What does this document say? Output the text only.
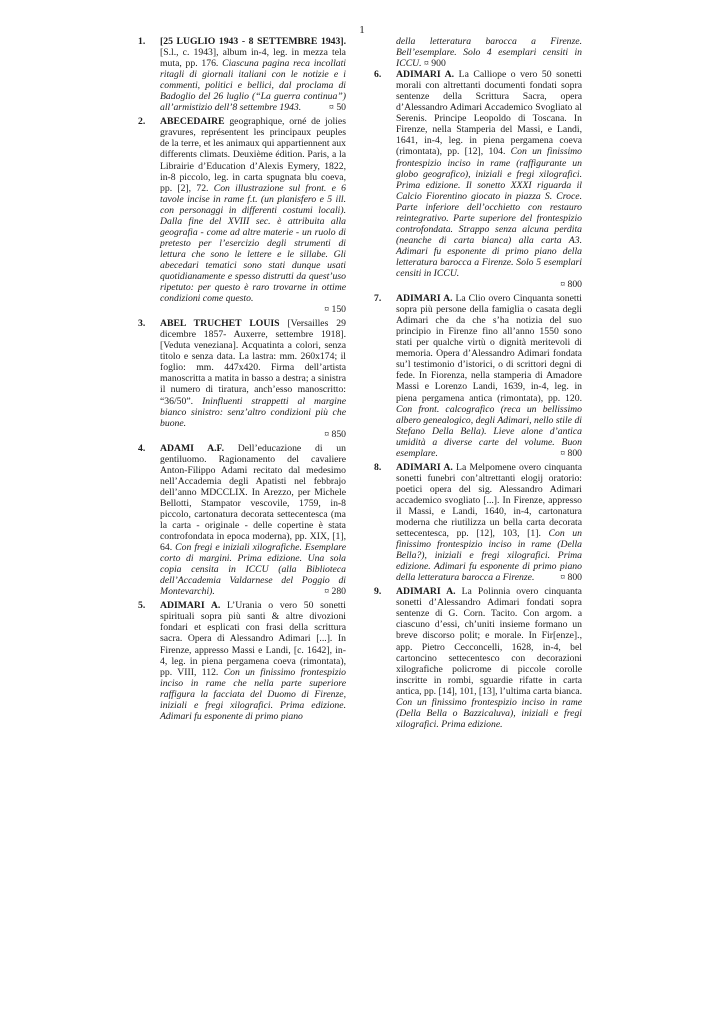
1
1. [25 LUGLIO 1943 - 8 SETTEMBRE 1943]. [S.l., c. 1943], album in-4, leg. in mezza tela muta, pp. 176. Ciascuna pagina reca incollati ritagli di giornali italiani con le notizie e i commenti, politici e bellici, dal proclama di Badoglio del 26 luglio (“La guerra continua”) all’armistizio dell’8 settembre 1943.	¤ 50
2. ABECEDAIRE geographique, orné de jolies gravures, représentent les principaux peuples de la terre, et les animaux qui appartiennent aux differents climats. Deuxième édition. Paris, a la Librairie d’Education d’Alexis Eymery, 1822, in-8 piccolo, leg. in carta spugnata blu coeva, pp. [2], 72. Con illustrazione sul front. e 6 tavole incise in rame f.t. (un planisfero e 5 ill. con personaggi in differenti costumi locali). Dalla fine del XVIII sec. è attribuita alla geografia - come ad altre materie - un ruolo di pretesto per l’esercizio degli strumenti di lettura che sono le lettere e le sillabe. Gli abecedari tematici sono stati dunque usati quotidianamente e spesso distrutti da quest’uso ripetuto: per questo è raro trovarne in ottime condizioni come questo.
¤ 150
3. ABEL TRUCHET LOUIS [Versailles 29 dicembre 1857- Auxerre, settembre 1918]. [Veduta veneziana]. Acquatinta a colori, senza titolo e senza data. La lastra: mm. 260x174; il foglio: mm. 447x420. Firma dell’artista manoscritta a matita in basso a destra; a sinistra il numero di tiratura, anch’esso manoscritto: “36/50”. Ininfluenti strappetti al margine bianco sinistro: senz’altro condizioni più che buone.
¤ 850
4. ADAMI A.F. Dell’educazione di un gentiluomo. Ragionamento del cavaliere Anton-Filippo Adami recitato dal medesimo nell’Accademia degli Apatisti nel febbrajo dell’anno MDCCLIX. In Arezzo, per Michele Bellotti, Stampator vescovile, 1759, in-8 piccolo, cartonatura decorata settecentesca (ma la carta - originale - delle copertine è stata controfondata in epoca moderna), pp. XIX, [1], 64. Con fregi e iniziali xilografiche. Esemplare corto di margini. Prima edizione. Una sola copia censita in ICCU (alla Biblioteca dell’Accademia Valdarnese del Poggio di Montevarchi).	¤ 280
5. ADIMARI A. L’Urania o vero 50 sonetti spirituali sopra più santi & altre divozioni fondari et esplicati con frasi della scrittura sacra. Opera di Alessandro Adimari [...]. In Firenze, appresso Massi e Landi, [c. 1642], in-4, leg. in piena pergamena coeva (rimontata), pp. VIII, 112. Con un finissimo frontespizio inciso in rame che nella parte superiore raffigura la facciata del Duomo di Firenze, iniziali e fregi xilografici. Prima edizione. Adimari fu esponente di primo piano
della letteratura barocca a Firenze. Bell’esemplare. Solo 4 esemplari censiti in ICCU. ¤ 900
6. ADIMARI A. La Calliope o vero 50 sonetti morali con altrettanti documenti fondati sopra sentenze della Scrittura Sacra, opera d’Alessandro Adimari Accademico Svogliato al Serenis. Principe Leopoldo di Toscana. In Firenze, nella Stamperia del Massi, e Landi, 1641, in-4, leg. in piena pergamena coeva (rimontata), pp. [12], 104. Con un finissimo frontespizio inciso in rame (raffigurante un globo geografico), iniziali e fregi xilografici. Prima edizione. Il sonetto XXXI riguarda il Calcio Fiorentino giocato in piazza S. Croce. Parte inferiore dell’occhietto con restauro reintegrativo. Parte superiore del frontespizio controfondata. Strappo senza alcuna perdita (neanche di carta bianca) alla carta A3. Adimari fu esponente di primo piano della letteratura barocca a Firenze. Solo 5 esemplari censiti in ICCU.
¤ 800
7. ADIMARI A. La Clio overo Cinquanta sonetti sopra più persone della famiglia o casata degli Adimari che da che s’ha notizia del suo principio in Firenze fino all’anno 1550 sono stati per qualche virtù o dignità meritevoli di memoria. Opera d’Alessandro Adimari fondata su’l testimonio d’istorici, o di scrittori degni di fede. In Fiorenza, nella stamperia di Amadore Massi e Lorenzo Landi, 1639, in-4, leg. in piena pergamena antica (rimontata), pp. 120. Con front. calcografico (reca un bellissimo albero genealogico, degli Adimari, nello stile di Stefano Della Bella). Lieve alone d’antica umidità a diverse carte del volume. Buon esemplare.	¤ 800
8. ADIMARI A. La Melpomene overo cinquanta sonetti funebri con’altrettanti elogij oratorio: poetici opera del sig. Alessandro Adimari accademico svogliato [...]. In Firenze, appresso il Massi, e Landi, 1640, in-4, cartonatura moderna che riutilizza un bella carta decorata settecentesca, pp. [12], 103, [1]. Con un finissimo frontespizio inciso in rame (Della Bella?), iniziali e fregi xilografici. Prima edizione. Adimari fu esponente di primo piano della letteratura barocca a Firenze.	¤ 800
9. ADIMARI A. La Polinnia overo cinquanta sonetti d’Alessandro Adimari fondati sopra sentenze di G. Corn. Tacito. Con argom. a ciascuno d’essi, ch’uniti insieme formano un breve discorso polit; e morale. In Fir[enze]., app. Pietro Cecconcelli, 1628, in-4, bel cartoncino settecentesco con decorazioni xilografiche policrome di piccole corolle inscritte in rombi, sguardie rifatte in carta antica, pp. [14], 101, [13], l’ultima carta bianca. Con un finissimo frontespizio inciso in rame (Della Bella o Bazzicaluva), iniziali e fregi xilografici. Prima edizione.
